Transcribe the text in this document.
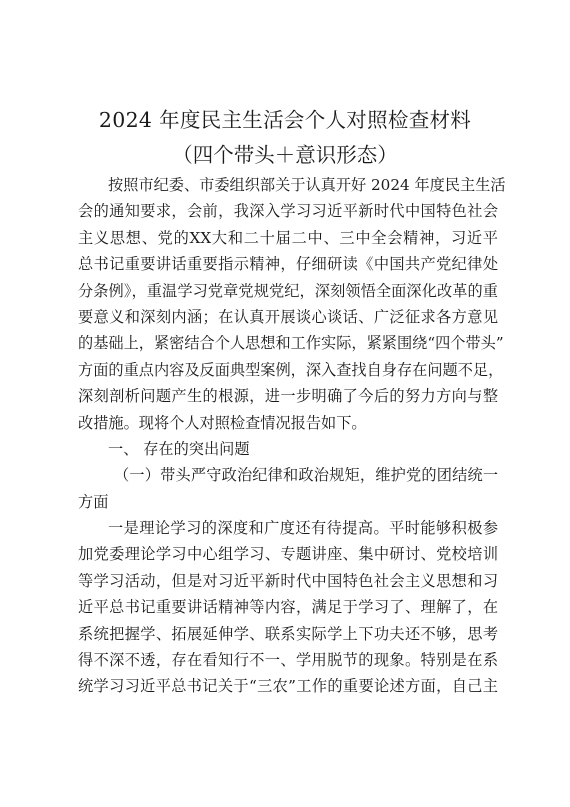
2024 年度民主生活会个人对照检查材料
（四个带头＋意识形态）
按照市纪委、市委组织部关于认真开好 2024 年度民主生活
会的通知要求，会前，我深入学习习近平新时代中国特色社会
主义思想、党的XX大和二十届二中、三中全会精神，习近平
总书记重要讲话重要指示精神，仔细研读《中国共产党纪律处
分条例》，重温学习党章党规党纪，深刻领悟全面深化改革的重
要意义和深刻内涵；在认真开展谈心谈话、广泛征求各方意见
的基础上，紧密结合个人思想和工作实际，紧紧围绕“四个带头”
方面的重点内容及反面典型案例，深入查找自身存在问题不足，
深刻剖析问题产生的根源，进一步明确了今后的努力方向与整
改措施。现将个人对照检查情况报告如下。
一、 存在的突出问题
（一）带头严守政治纪律和政治规矩，维护党的团结统一
方面
一是理论学习的深度和广度还有待提高。平时能够积极参
加党委理论学习中心组学习、专题讲座、集中研讨、党校培训
等学习活动，但是对习近平新时代中国特色社会主义思想和习
近平总书记重要讲话精神等内容，满足于学习了、理解了，在
系统把握学、拓展延伸学、联系实际学上下功夫还不够，思考
得不深不透，存在看知行不一、学用脱节的现象。特别是在系
统学习习近平总书记关于“三农”工作的重要论述方面，自己主
